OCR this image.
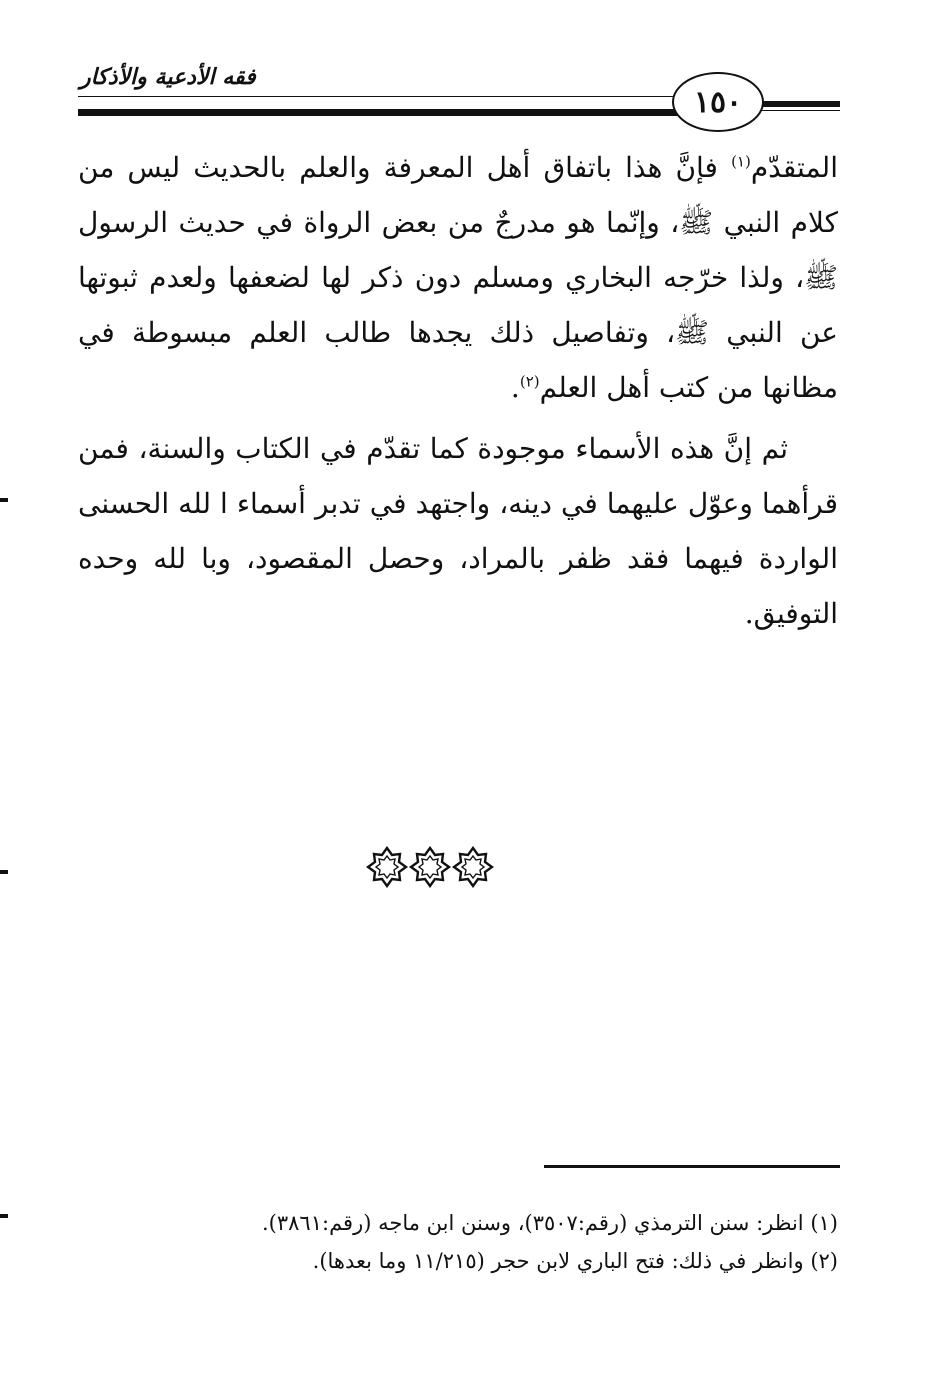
فقه الأدعية والأذكار
١٥٠

المتقدّم$^{(١)}$ فإنَّ هذا باتفاق أهل المعرفة والعلم بالحديث ليس من كلام النبي ﷺ، وإنّما هو مدرجٌ من بعض الرواة في حديث الرسول ﷺ، ولذا خرّجه البخاري ومسلم دون ذكر لها لضعفها ولعدم ثبوتها عن النبي ﷺ، وتفاصيل ذلك يجدها طالب العلم مبسوطة في مظانها من كتب أهل العلم$^{(٢)}$.

ثم إنَّ هذه الأسماء موجودة كما تقدّم في الكتاب والسنة، فمن قرأهما وعوّل عليهما في دينه، واجتهد في تدبر أسماء ا لله الحسنى الواردة فيهما فقد ظفر بالمراد، وحصل المقصود، وبا لله وحده التوفيق.

(١) انظر: سنن الترمذي (رقم:٣٥٠٧)، وسنن ابن ماجه (رقم:٣٨٦١).

(٢) وانظر في ذلك: فتح الباري لابن حجر (١١/٢١٥ وما بعدها).
